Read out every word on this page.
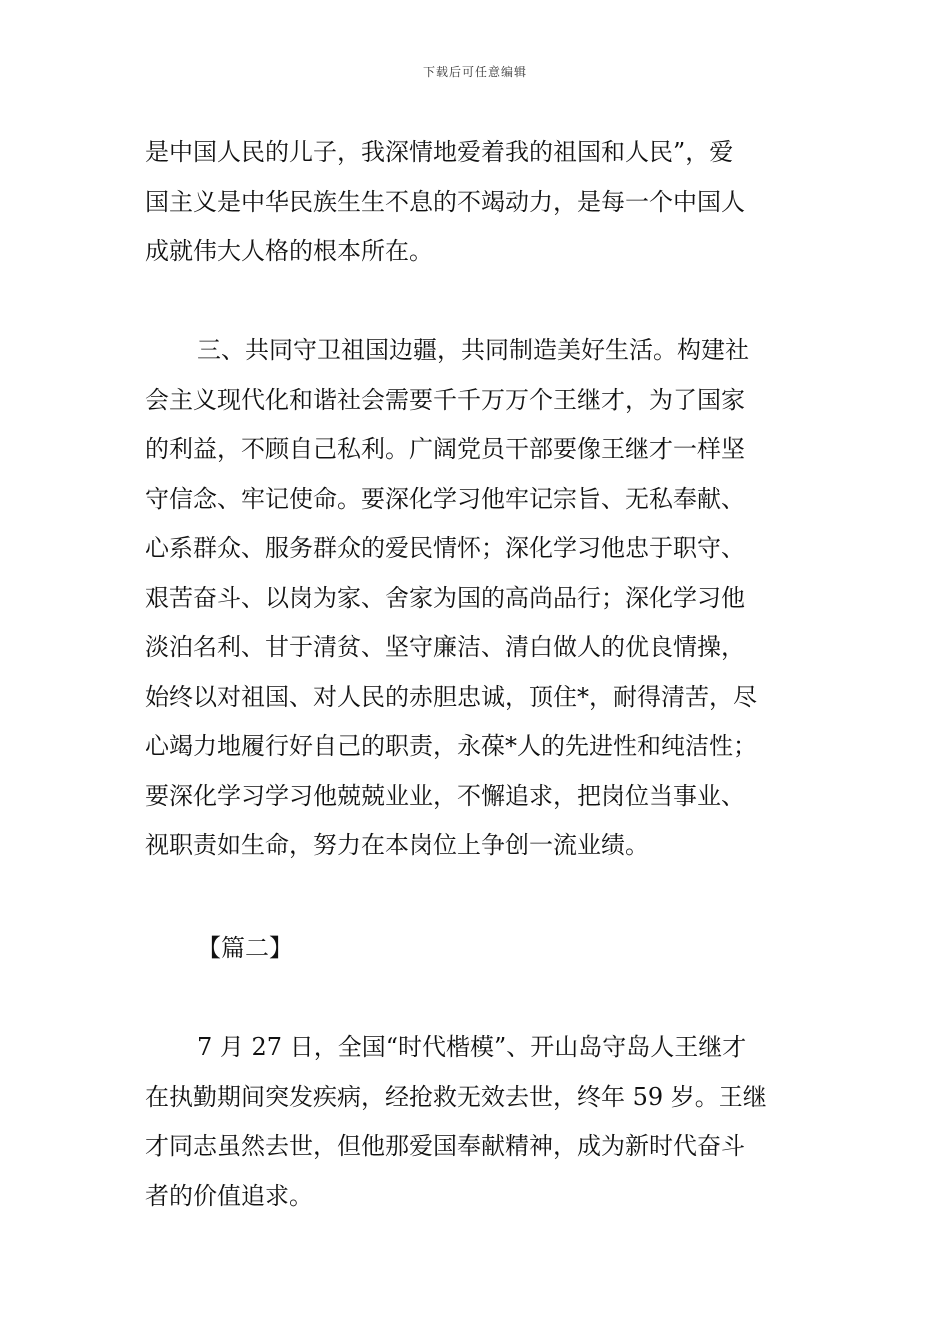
下载后可任意编辑
是中国人民的儿子，我深情地爱着我的祖国和人民”，爱
国主义是中华民族生生不息的不竭动力，是每一个中国人
成就伟大人格的根本所在。
三、共同守卫祖国边疆，共同制造美好生活。构建社
会主义现代化和谐社会需要千千万万个王继才，为了国家
的利益，不顾自己私利。广阔党员干部要像王继才一样坚
守信念、牢记使命。要深化学习他牢记宗旨、无私奉献、
心系群众、服务群众的爱民情怀；深化学习他忠于职守、
艰苦奋斗、以岗为家、舍家为国的高尚品行；深化学习他
淡泊名利、甘于清贫、坚守廉洁、清白做人的优良情操，
始终以对祖国、对人民的赤胆忠诚，顶住*，耐得清苦，尽
心竭力地履行好自己的职责，永葆*人的先进性和纯洁性；
要深化学习学习他兢兢业业，不懈追求，把岗位当事业、
视职责如生命，努力在本岗位上争创一流业绩。
【篇二】
7 月 27 日，全国“时代楷模”、开山岛守岛人王继才
在执勤期间突发疾病，经抢救无效去世，终年 59 岁。王继
才同志虽然去世，但他那爱国奉献精神，成为新时代奋斗
者的价值追求。
